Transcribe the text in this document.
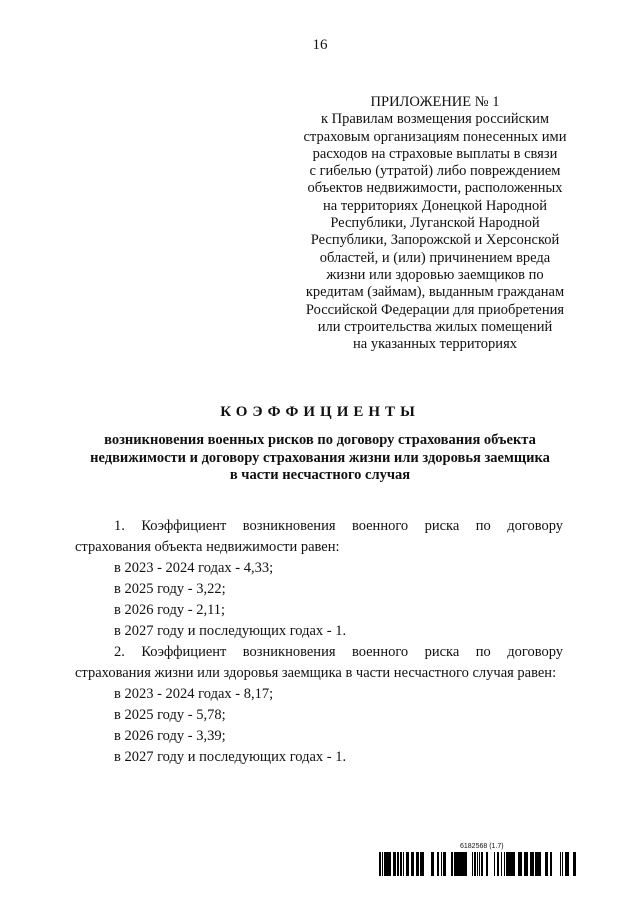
16
ПРИЛОЖЕНИЕ № 1
к Правилам возмещения российским
страховым организациям понесенных ими
расходов на страховые выплаты в связи
с гибелью (утратой) либо повреждением
объектов недвижимости, расположенных
на территориях Донецкой Народной
Республики, Луганской Народной
Республики, Запорожской и Херсонской
областей, и (или) причинением вреда
жизни или здоровью заемщиков по
кредитам (займам), выданным гражданам
Российской Федерации для приобретения
или строительства жилых помещений
на указанных территориях
КОЭФФИЦИЕНТЫ
возникновения военных рисков по договору страхования объекта
недвижимости и договору страхования жизни или здоровья заемщика
в части несчастного случая

1. Коэффициент возникновения военного риска по договору
страхования объекта недвижимости равен:

в 2023 - 2024 годах - 4,33;

в 2025 году - 3,22;

в 2026 году - 2,11;

в 2027 году и последующих годах - 1.

2. Коэффициент возникновения военного риска по договору
страхования жизни или здоровья заемщика в части несчастного случая равен:

в 2023 - 2024 годах - 8,17;

в 2025 году - 5,78;

в 2026 году - 3,39;

в 2027 году и последующих годах - 1.

6182568 (1.7)
